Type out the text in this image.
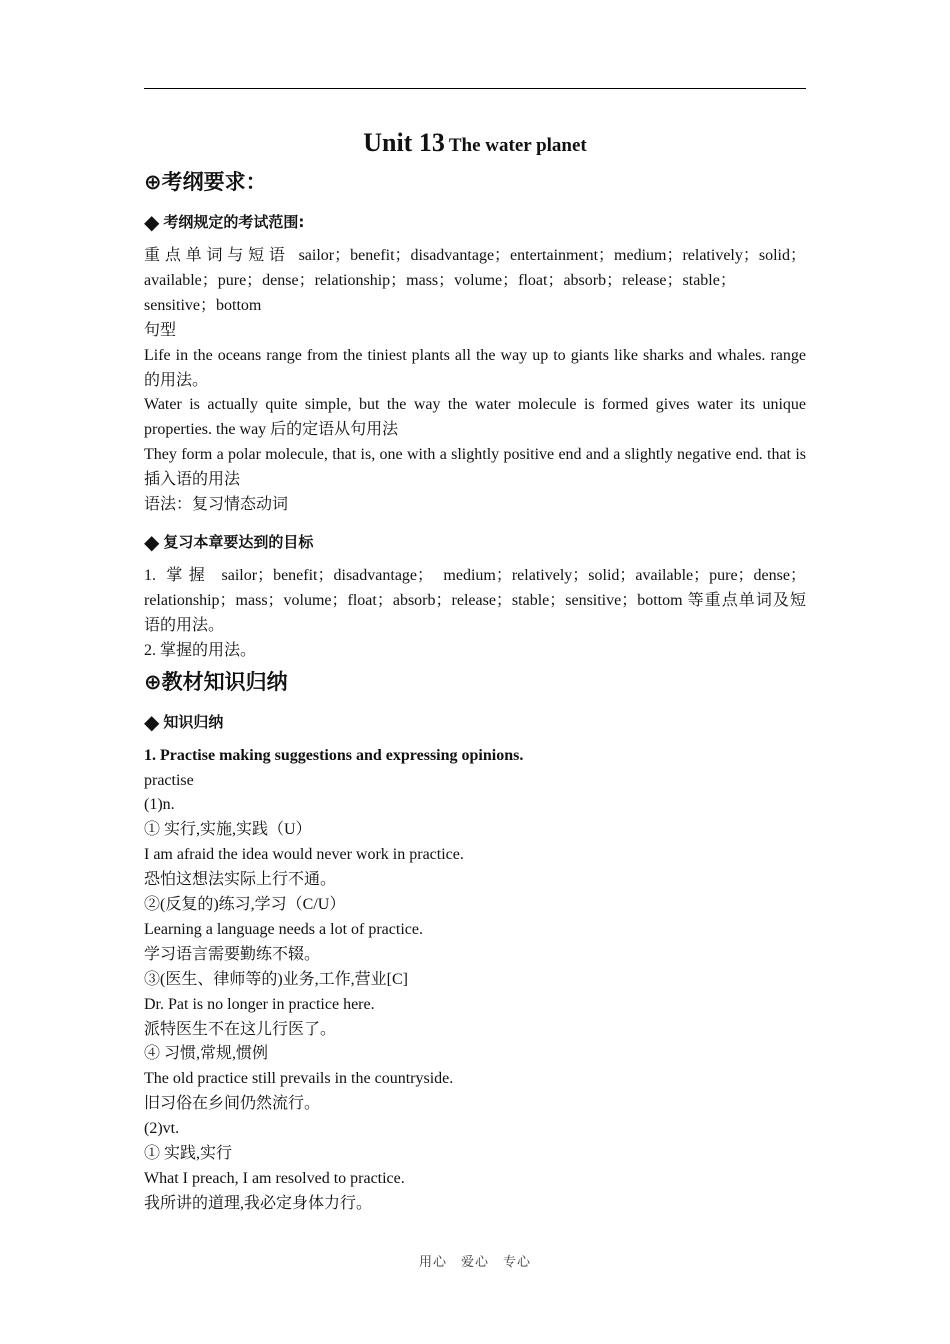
Unit 13 The water planet
⊕考纲要求：
◆ 考纲规定的考试范围:

重点单词与短语 sailor；benefit；disadvantage；entertainment；medium；relatively；solid；available；pure；dense；relationship；mass；volume；float；absorb；release；stable；sensitive；bottom

句型

Life in the oceans range from the tiniest plants all the way up to giants like sharks and whales. range 的用法。

Water is actually quite simple, but the way the water molecule is formed gives water its unique properties. the way 后的定语从句用法

They form a polar molecule, that is, one with a slightly positive end and a slightly negative end. that is 插入语的用法

语法：复习情态动词

◆ 复习本章要达到的目标

1. 掌握 sailor；benefit；disadvantage； medium；relatively；solid；available；pure；dense；relationship；mass；volume；float；absorb；release；stable；sensitive；bottom 等重点单词及短语的用法。

2. 掌握的用法。

⊕教材知识归纳
◆ 知识归纳

1. Practise making suggestions and expressing opinions.

practise

(1)n.

① 实行,实施,实践（U）

I am afraid the idea would never work in practice.

恐怕这想法实际上行不通。

②(反复的)练习,学习（C/U）

Learning a language needs a lot of practice.

学习语言需要勤练不辍。

③(医生、律师等的)业务,工作,营业[C]

Dr. Pat is no longer in practice here.

派特医生不在这儿行医了。

④ 习惯,常规,惯例

The old practice still prevails in the countryside.

旧习俗在乡间仍然流行。

(2)vt.

① 实践,实行

What I preach, I am resolved to practice.

我所讲的道理,我必定身体力行。

用心　爱心　专心
